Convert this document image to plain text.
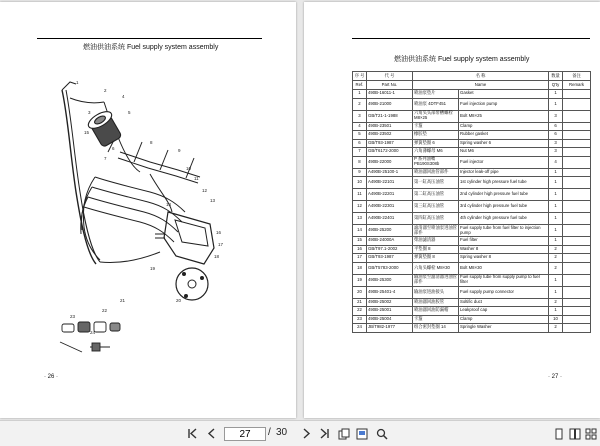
燃油供油系统 Fuel supply system assembly
1
2
3
4
5
6
7
8
9
10
11
12
13
14
15
16
17
18
19
20
21
22
23
24
· 26 ·
燃油供油系统 Fuel supply system assembly
序 号	代 号	名 称		数量	备注
Ref.	Part No.	Name		Q'ty	Remark
1	490B-16011-1	喷油泵垫片	Gasket	1	
2	490B-21000	喷油泵 4DTF451	Fuel injection pump	1	
3	GB/T21-1-1988	六角头头部带槽螺栓 M8×25	Bolt M8×25	3	
4	490B-23501	卡箍	Clamp	6	
5	490B-23502	橡胶垫	Rubber gasket	6	
6	GB/T93-1987	弹簧垫圈 6	Spring washer 6	3	
7	GB/T6172-2000	六角薄螺母 M6	Nut M6	3	
8	490B-22000	P 系列油嘴 PB190S308b	Fuel injector	4	
9	A490B-25100-1	喷油器回油管部件	Injector leak-off pipe	1	
10	A490B-22101	第一缸高压油管	1st cylinder high pressure fuel tube	1	
11	A490B-22201	第二缸高压油管	2nd cylinder high pressure fuel tube	1	
12	A490B-22301	第三缸高压油管	3rd cylinder high pressure fuel tube	1	
13	A490B-22401	第四缸高压油管	4th cylinder high pressure fuel tube	1	
14	490B-25200	滤清器至喷油泵进油管部件	Fuel supply tube from fuel filter to injection pump	1	
15	490B-24000A	柴油滤清器	Fuel filter	1	
16	GB/T97.1-2002	平垫圈 8	Washer 8	2	
17	GB/T93-1987	弹簧垫圈 8	Spring washer 8	2	
18	GB/T5783-2000	六角头螺栓 M8×30	Bolt M8×30	2	
19	490B-25300	输油泵至滤清器进油管部件	Fuel supply tube from supply pump to fuel filter	1	
20	490B-25401-4	输油泵进油接头	Fuel supply pump connector	1	
21	490B-25002	喷油器回油胶管	Soltific duct	2	
22	490B-25001	喷油器回油防漏帽	Leakproof cap	1	
23	490B-25004	卡箍	Clamp	10	
24	JB/T982-1977	组合密封垫圈 14	Springle Washer	2	
· 27 ·
27
/ 30
